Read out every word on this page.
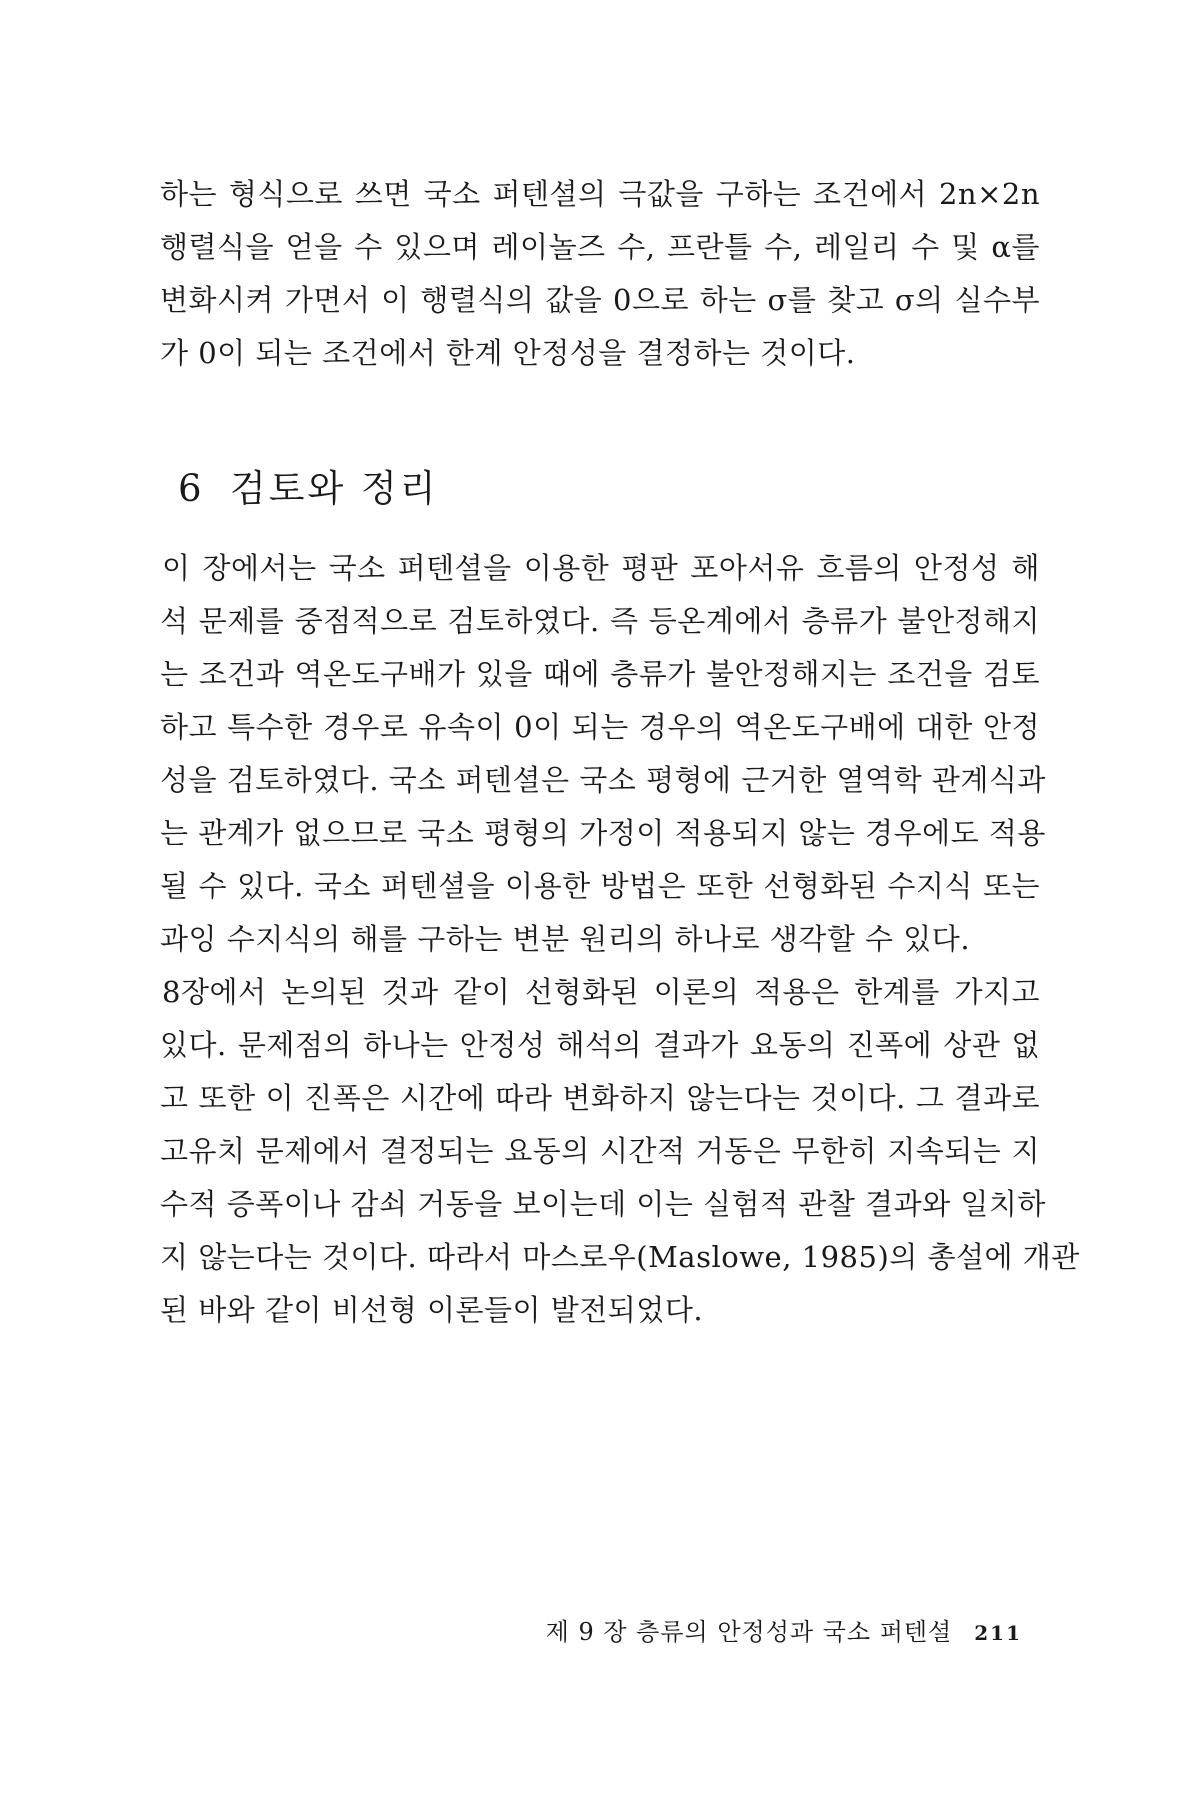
하는 형식으로 쓰면 국소 퍼텐셜의 극값을 구하는 조건에서 2n×2n
행렬식을 얻을 수 있으며 레이놀즈 수, 프란틀 수, 레일리 수 및 α를
변화시켜 가면서 이 행렬식의 값을 0으로 하는 σ를 찾고 σ의 실수부
가 0이 되는 조건에서 한계 안정성을 결정하는 것이다.
6 검토와 정리
이 장에서는 국소 퍼텐셜을 이용한 평판 포아서유 흐름의 안정성 해
석 문제를 중점적으로 검토하였다. 즉 등온계에서 층류가 불안정해지
는 조건과 역온도구배가 있을 때에 층류가 불안정해지는 조건을 검토
하고 특수한 경우로 유속이 0이 되는 경우의 역온도구배에 대한 안정
성을 검토하였다. 국소 퍼텐셜은 국소 평형에 근거한 열역학 관계식과
는 관계가 없으므로 국소 평형의 가정이 적용되지 않는 경우에도 적용
될 수 있다. 국소 퍼텐셜을 이용한 방법은 또한 선형화된 수지식 또는
과잉 수지식의 해를 구하는 변분 원리의 하나로 생각할 수 있다.
8장에서 논의된 것과 같이 선형화된 이론의 적용은 한계를 가지고
있다. 문제점의 하나는 안정성 해석의 결과가 요동의 진폭에 상관 없
고 또한 이 진폭은 시간에 따라 변화하지 않는다는 것이다. 그 결과로
고유치 문제에서 결정되는 요동의 시간적 거동은 무한히 지속되는 지
수적 증폭이나 감쇠 거동을 보이는데 이는 실험적 관찰 결과와 일치하
지 않는다는 것이다. 따라서 마스로우(Maslowe, 1985)의 총설에 개관
된 바와 같이 비선형 이론들이 발전되었다.
제 9 장 층류의 안정성과 국소 퍼텐셜 211
